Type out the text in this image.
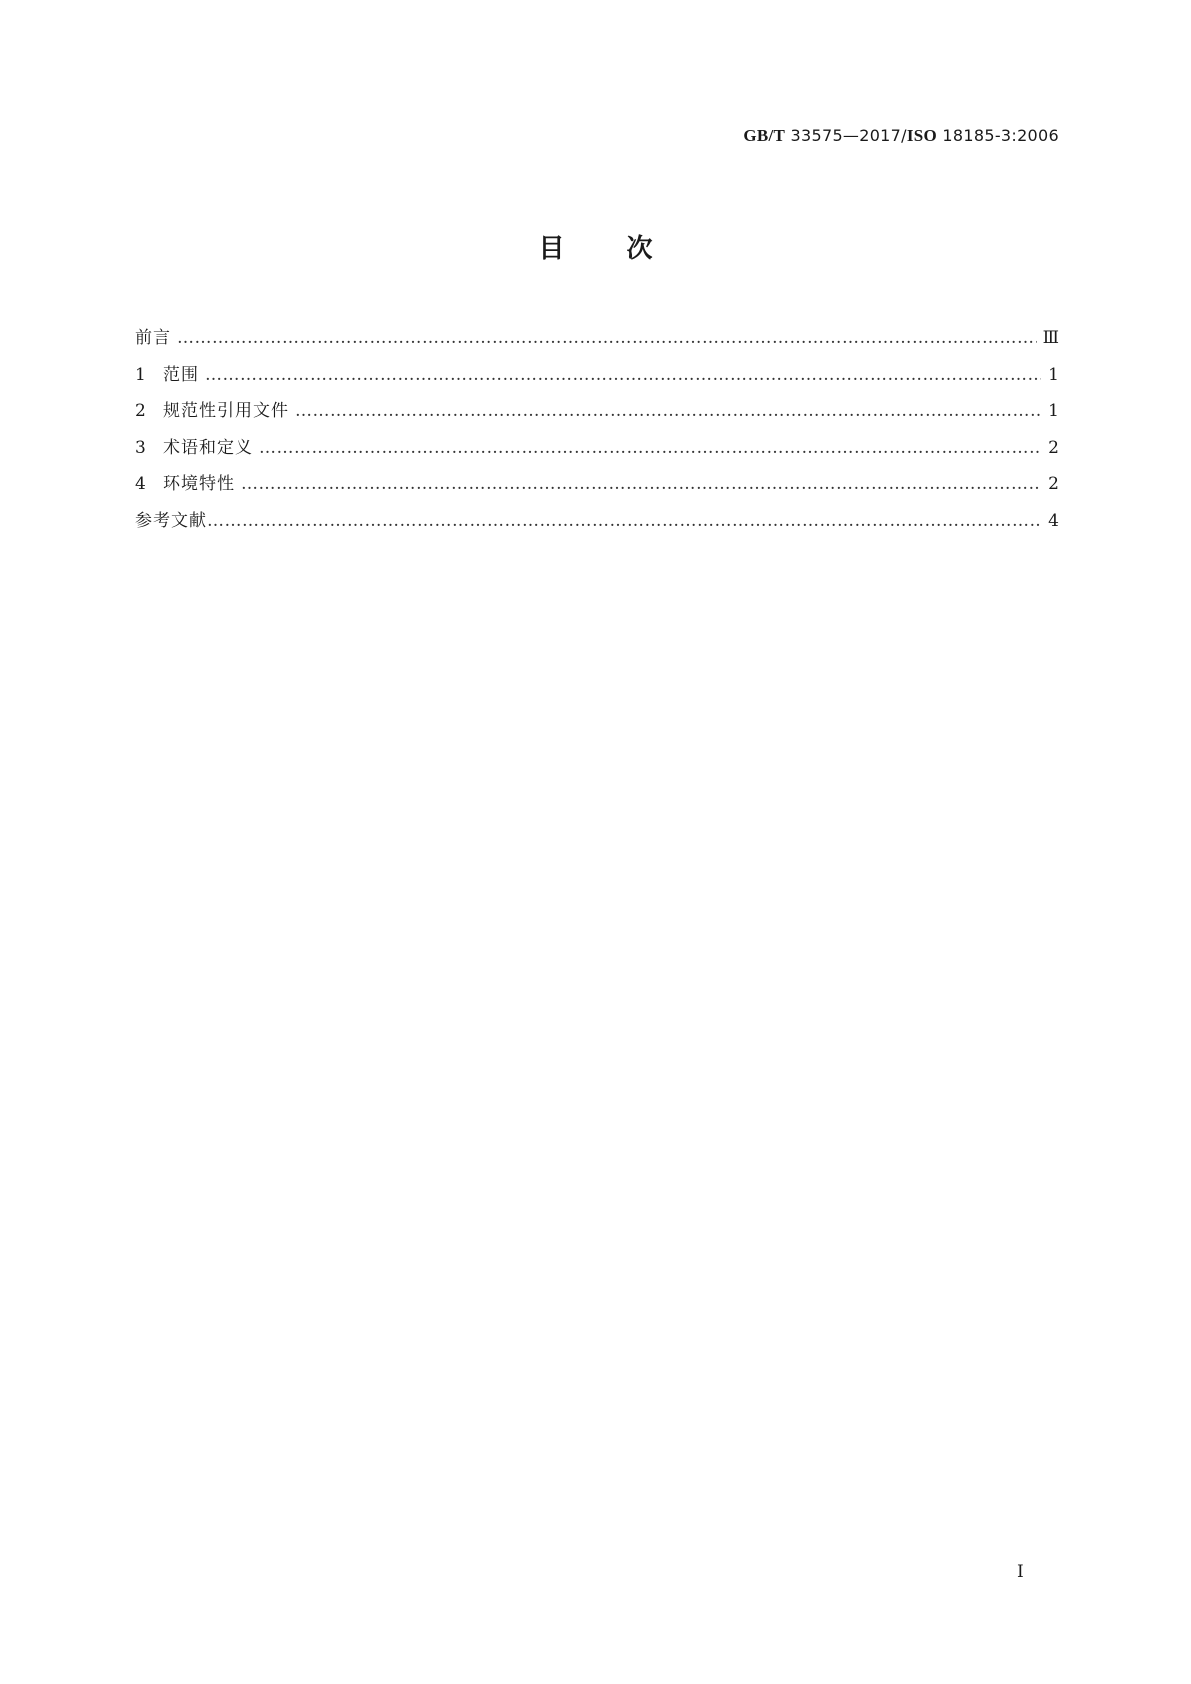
GB/T 33575—2017/ISO 18185-3:2006
目次
前言 ……………………………………………………………………………………………………………………………………………………………………………………………………………………………………………	Ⅲ
1	范围 ……………………………………………………………………………………………………………………………………………………………………………………………………………………………………………	1
2	规范性引用文件 ……………………………………………………………………………………………………………………………………………………………………………………………………………………………………………	1
3	术语和定义 ……………………………………………………………………………………………………………………………………………………………………………………………………………………………………………	2
4	环境特性 ……………………………………………………………………………………………………………………………………………………………………………………………………………………………………………	2
参考文献 ……………………………………………………………………………………………………………………………………………………………………………………………………………………………………………	4
I
